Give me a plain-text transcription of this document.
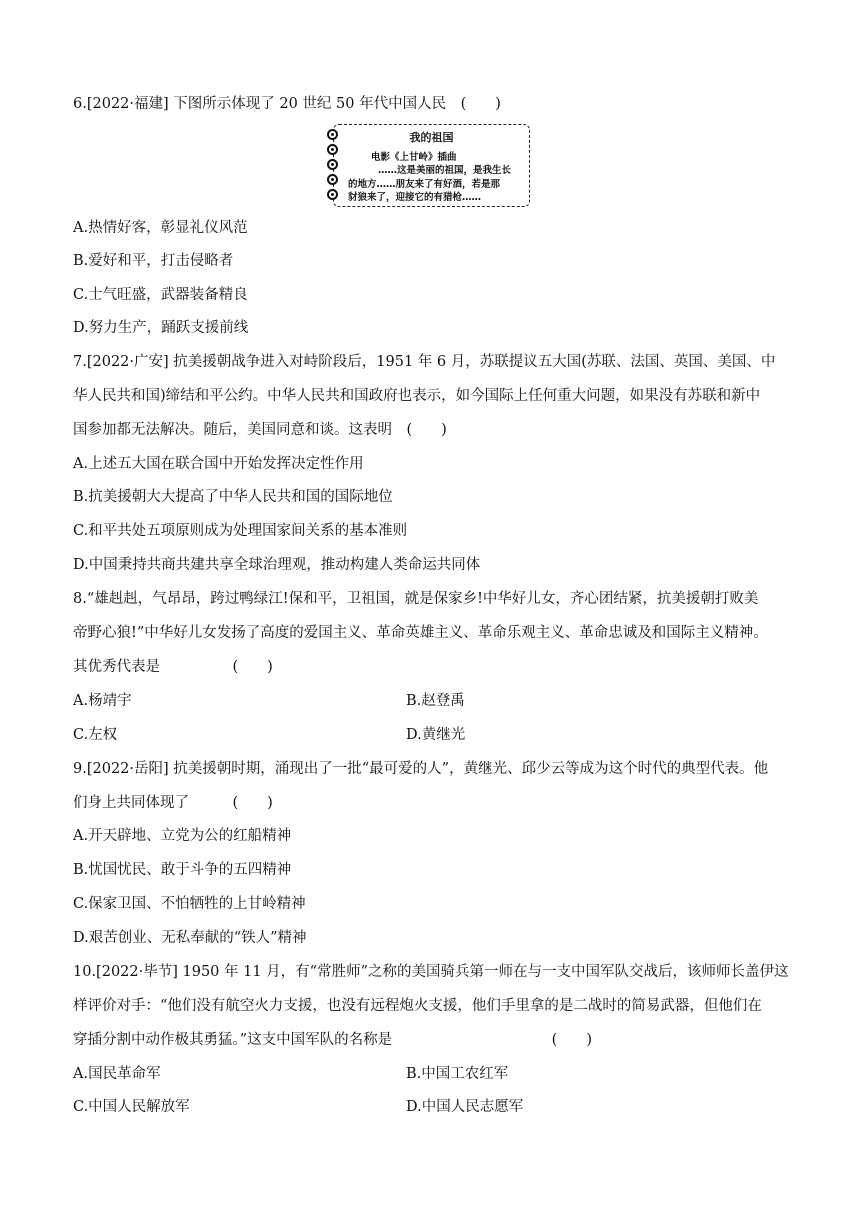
6.[2022·福建] 下图所示体现了 20 世纪 50 年代中国人民　(　　)
我的祖国
电影《上甘岭》插曲
……这是美丽的祖国，是我生长
的地方……朋友来了有好酒，若是那
豺狼来了，迎接它的有猎枪……
A.热情好客，彰显礼仪风范
B.爱好和平，打击侵略者
C.士气旺盛，武器装备精良
D.努力生产，踊跃支援前线
7.[2022·广安] 抗美援朝战争进入对峙阶段后，1951 年 6 月，苏联提议五大国(苏联、法国、英国、美国、中
华人民共和国)缔结和平公约。中华人民共和国政府也表示，如今国际上任何重大问题，如果没有苏联和新中
国参加都无法解决。随后，美国同意和谈。这表明　(　　)
A.上述五大国在联合国中开始发挥决定性作用
B.抗美援朝大大提高了中华人民共和国的国际地位
C.和平共处五项原则成为处理国家间关系的基本准则
D.中国秉持共商共建共享全球治理观，推动构建人类命运共同体
8.“雄赳赳，气昂昂，跨过鸭绿江!保和平，卫祖国，就是保家乡!中华好儿女，齐心团结紧，抗美援朝打败美
帝野心狼!”中华好儿女发扬了高度的爱国主义、革命英雄主义、革命乐观主义、革命忠诚及和国际主义精神。
其优秀代表是　　　　　(　　)
A.杨靖宇	B.赵登禹
C.左权	D.黄继光
9.[2022·岳阳] 抗美援朝时期，涌现出了一批“最可爱的人”，黄继光、邱少云等成为这个时代的典型代表。他
们身上共同体现了　　　(　　)
A.开天辟地、立党为公的红船精神
B.忧国忧民、敢于斗争的五四精神
C.保家卫国、不怕牺牲的上甘岭精神
D.艰苦创业、无私奉献的“铁人”精神
10.[2022·毕节] 1950 年 11 月，有“常胜师”之称的美国骑兵第一师在与一支中国军队交战后，该师师长盖伊这
样评价对手：“他们没有航空火力支援，也没有远程炮火支援，他们手里拿的是二战时的简易武器，但他们在
穿插分割中动作极其勇猛。”这支中国军队的名称是　　　　　　　　　　　(　　)
A.国民革命军	B.中国工农红军
C.中国人民解放军	D.中国人民志愿军
